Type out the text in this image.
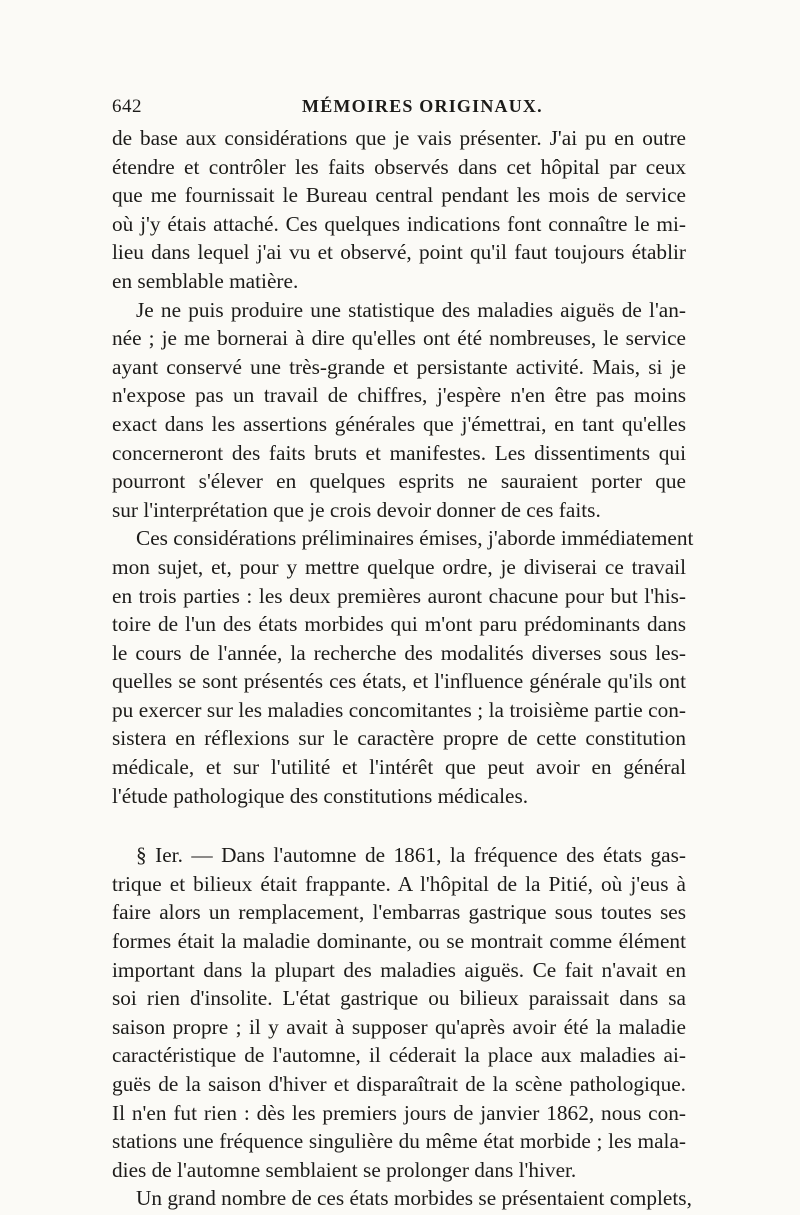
642	MÉMOIRES ORIGINAUX.
de base aux considérations que je vais présenter. J'ai pu en outre
étendre et contrôler les faits observés dans cet hôpital par ceux
que me fournissait le Bureau central pendant les mois de service
où j'y étais attaché. Ces quelques indications font connaître le mi-
lieu dans lequel j'ai vu et observé, point qu'il faut toujours établir
en semblable matière.
Je ne puis produire une statistique des maladies aiguës de l'an-
née ; je me bornerai à dire qu'elles ont été nombreuses, le service
ayant conservé une très-grande et persistante activité. Mais, si je
n'expose pas un travail de chiffres, j'espère n'en être pas moins
exact dans les assertions générales que j'émettrai, en tant qu'elles
concerneront des faits bruts et manifestes. Les dissentiments qui
pourront s'élever en quelques esprits ne sauraient porter que
sur l'interprétation que je crois devoir donner de ces faits.
Ces considérations préliminaires émises, j'aborde immédiatement
mon sujet, et, pour y mettre quelque ordre, je diviserai ce travail
en trois parties : les deux premières auront chacune pour but l'his-
toire de l'un des états morbides qui m'ont paru prédominants dans
le cours de l'année, la recherche des modalités diverses sous les-
quelles se sont présentés ces états, et l'influence générale qu'ils ont
pu exercer sur les maladies concomitantes ; la troisième partie con-
sistera en réflexions sur le caractère propre de cette constitution
médicale, et sur l'utilité et l'intérêt que peut avoir en général
l'étude pathologique des constitutions médicales.
§ Ier. — Dans l'automne de 1861, la fréquence des états gas-
trique et bilieux était frappante. A l'hôpital de la Pitié, où j'eus à
faire alors un remplacement, l'embarras gastrique sous toutes ses
formes était la maladie dominante, ou se montrait comme élément
important dans la plupart des maladies aiguës. Ce fait n'avait en
soi rien d'insolite. L'état gastrique ou bilieux paraissait dans sa
saison propre ; il y avait à supposer qu'après avoir été la maladie
caractéristique de l'automne, il céderait la place aux maladies ai-
guës de la saison d'hiver et disparaîtrait de la scène pathologique.
Il n'en fut rien : dès les premiers jours de janvier 1862, nous con-
stations une fréquence singulière du même état morbide ; les mala-
dies de l'automne semblaient se prolonger dans l'hiver.
Un grand nombre de ces états morbides se présentaient complets,
